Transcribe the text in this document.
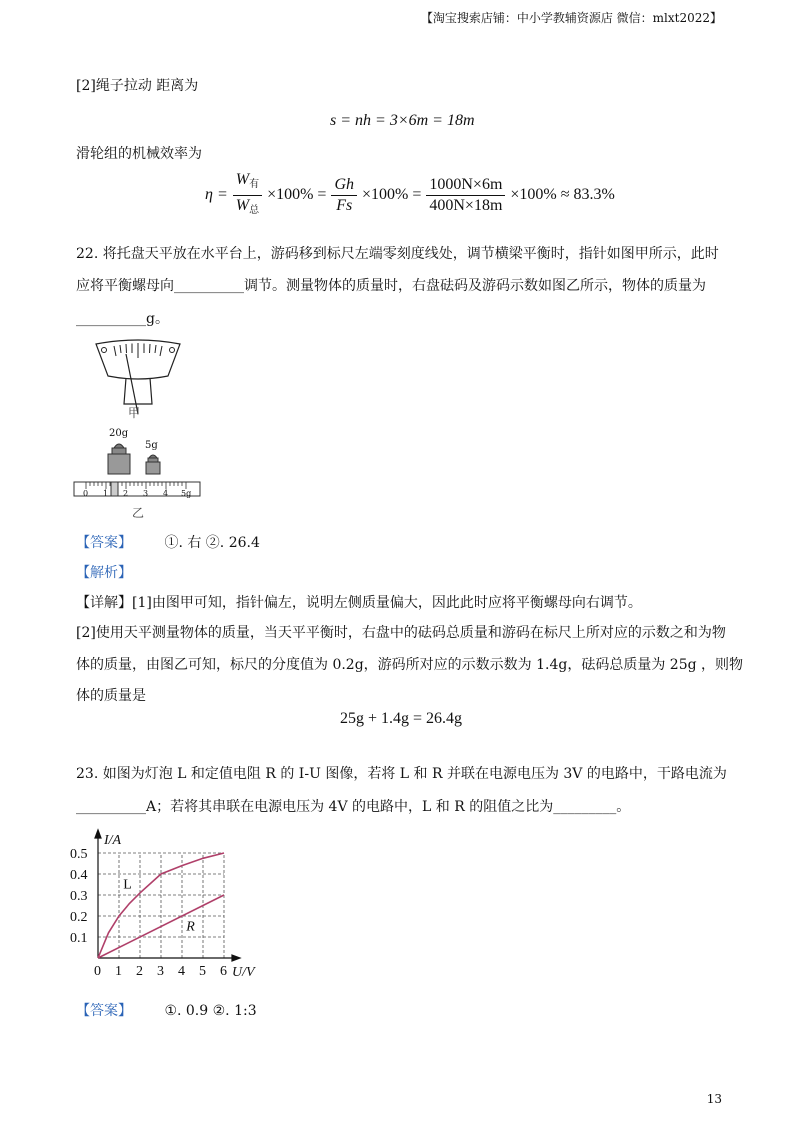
【淘宝搜索店铺：中小学教辅资源店 微信：mlxt2022】
[2]绳子拉动 距离为
s = nh = 3×6m = 18m
滑轮组的机械效率为
$\eta = \frac{W_有}{W_总} \times 100\% = \frac{Gh}{Fs} \times 100\% = \frac{1000N\times 6m}{400N\times 18m} \times 100\% \approx 83.3\%$
22. 将托盘天平放在水平台上，游码移到标尺左端零刻度线处，调节横梁平衡时，指针如图甲所示，此时
应将平衡螺母向__________调节。测量物体的质量时，右盘砝码及游码示数如图乙所示，物体的质量为
__________g。
甲
20g
5g
0 1 2 3 4 5g
乙
【答案】 ①. 右 ②. 26.4
【解析】
【详解】[1]由图甲可知，指针偏左，说明左侧质量偏大，因此此时应将平衡螺母向右调节。
[2]使用天平测量物体的质量，当天平平衡时，右盘中的砝码总质量和游码在标尺上所对应的示数之和为物
体的质量，由图乙可知，标尺的分度值为 0.2g，游码所对应的示数示数为 1.4g，砝码总质量为 25g ，则物
体的质量是
25g + 1.4g = 26.4g
23. 如图为灯泡 L 和定值电阻 R 的 I-U 图像，若将 L 和 R 并联在电源电压为 3V 的电路中，干路电流为
__________A；若将其串联在电源电压为 4V 的电路中，L 和 R 的阻值之比为_________。
0 1 2 3 4 5 6
0.1
0.2
0.3
0.4
0.5
I/A
U/V
L
R
【答案】 ①. 0.9 ②. 1:3
13
